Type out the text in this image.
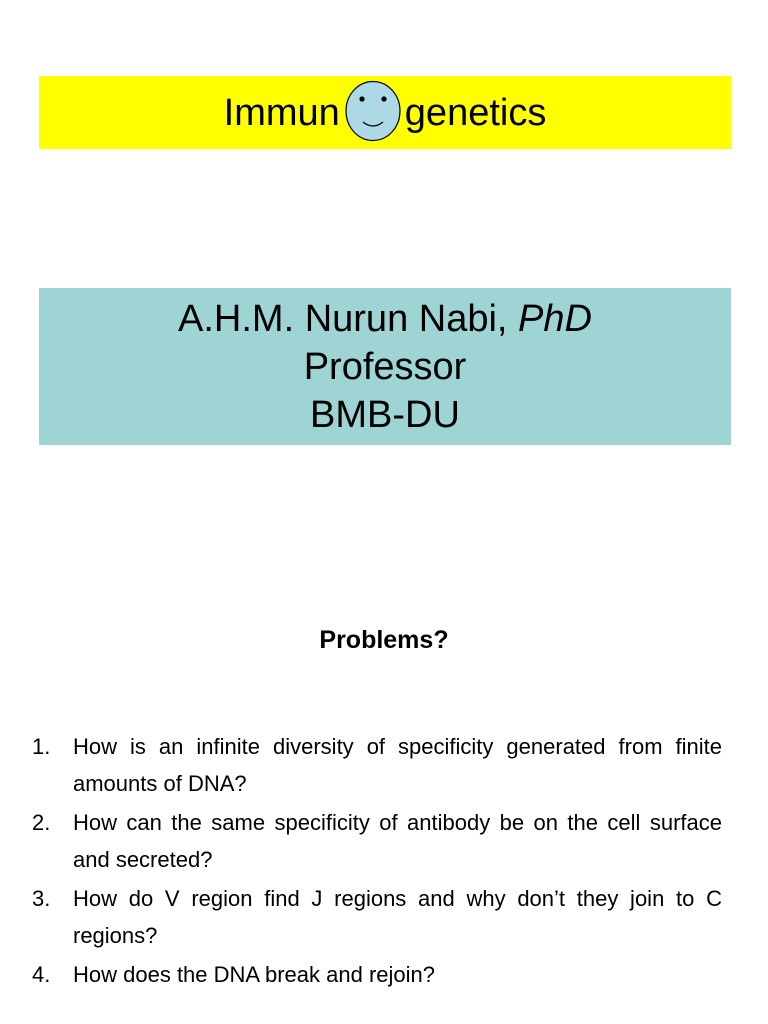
Immun genetics
A.H.M. Nurun Nabi, PhD
Professor
BMB-DU
Problems?
1.	How is an infinite diversity of specificity generated from finite amounts of DNA?
2.	How can the same specificity of antibody be on the cell surface and secreted?
3.	How do V region find J regions and why don’t they join to C regions?
4.	How does the DNA break and rejoin?
